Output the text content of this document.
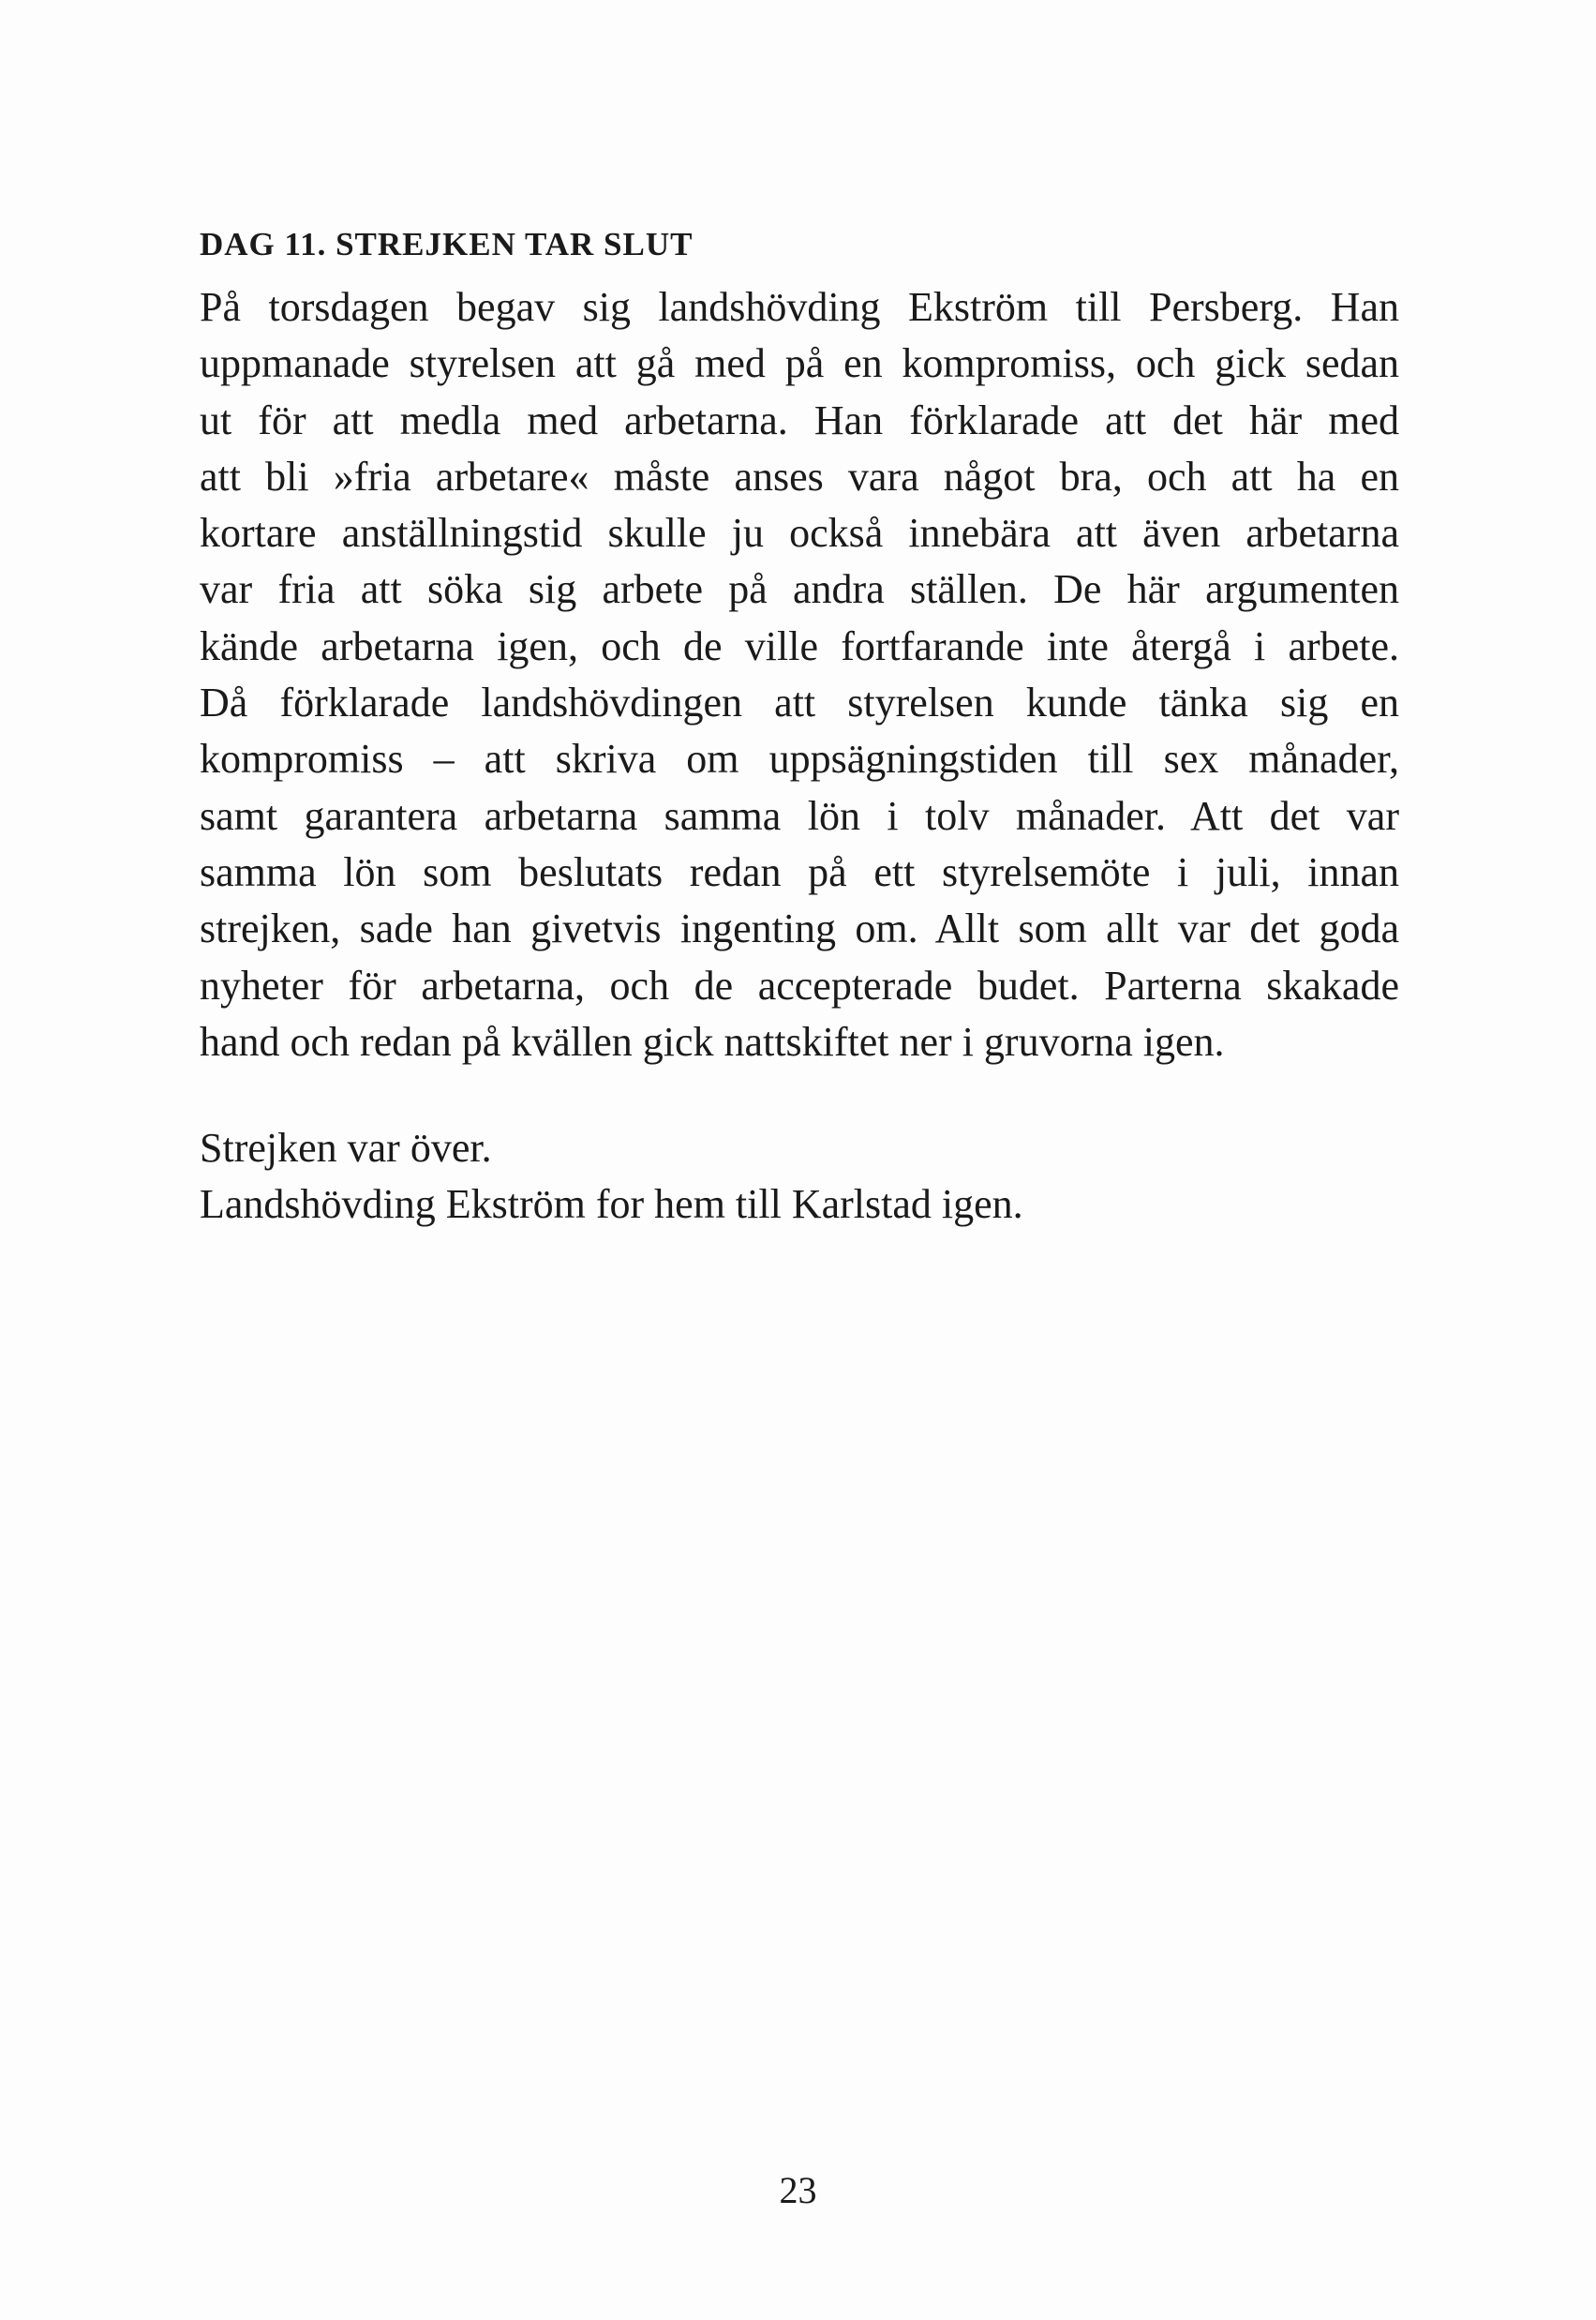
DAG 11. STREJKEN TAR SLUT
På torsdagen begav sig landshövding Ekström till Persberg. Han
uppmanade styrelsen att gå med på en kompromiss, och gick sedan
ut för att medla med arbetarna. Han förklarade att det här med
att bli »fria arbetare« måste anses vara något bra, och att ha en
kortare anställningstid skulle ju också innebära att även arbetarna
var fria att söka sig arbete på andra ställen. De här argumenten
kände arbetarna igen, och de ville fortfarande inte återgå i arbete.
Då förklarade landshövdingen att styrelsen kunde tänka sig en
kompromiss – att skriva om uppsägningstiden till sex månader,
samt garantera arbetarna samma lön i tolv månader. Att det var
samma lön som beslutats redan på ett styrelsemöte i juli, innan
strejken, sade han givetvis ingenting om. Allt som allt var det goda
nyheter för arbetarna, och de accepterade budet. Parterna skakade
hand och redan på kvällen gick nattskiftet ner i gruvorna igen.
Strejken var över.
Landshövding Ekström for hem till Karlstad igen.

23
